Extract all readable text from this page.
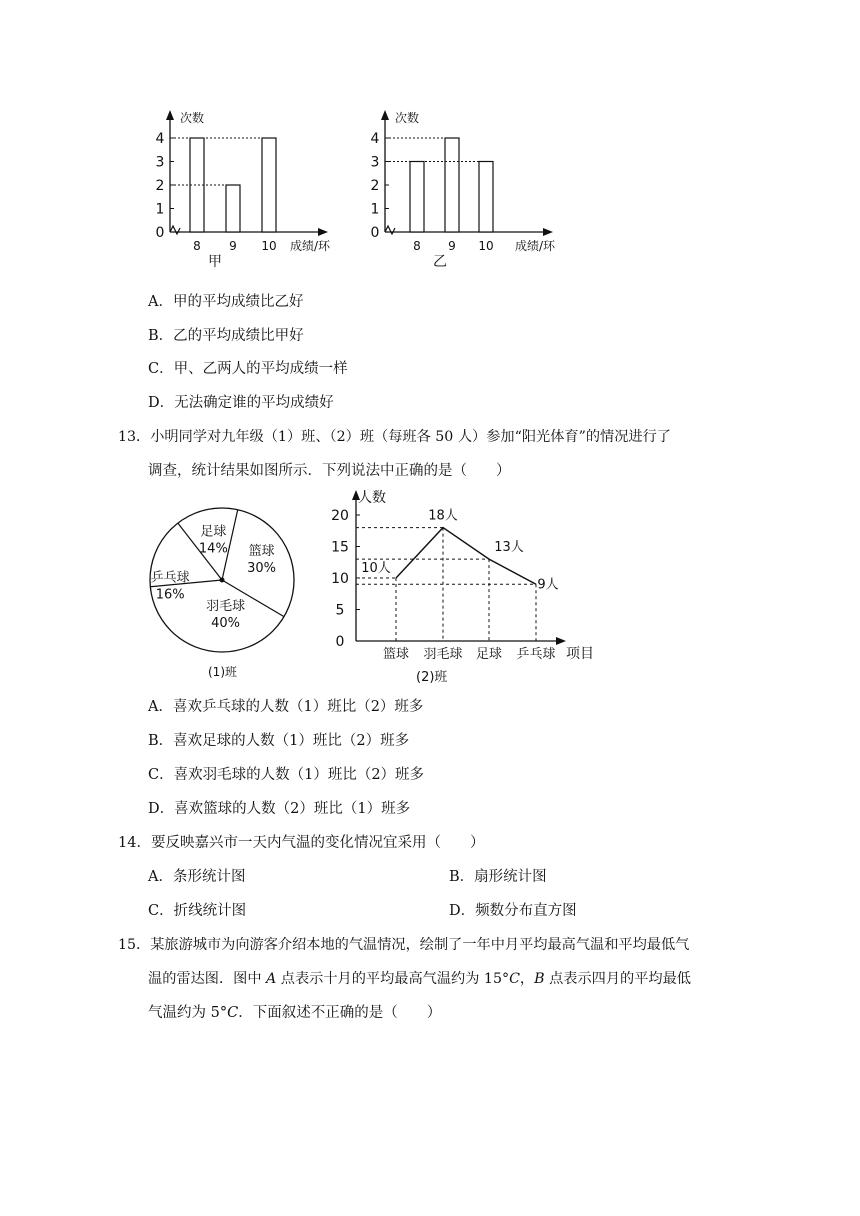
次数
0
1
2
3
4
8 9 10 成绩/环
甲
次数
0
1
2
3
4
8 9 10 成绩/环
乙
A．甲的平均成绩比乙好
B．乙的平均成绩比甲好
C．甲、乙两人的平均成绩一样
D．无法确定谁的平均成绩好
13．小明同学对九年级（1）班、（2）班（每班各 50 人）参加“阳光体育”的情况进行了
调查，统计结果如图所示．下列说法中正确的是（　　）
足球
14% 篮球
30%
羽毛球
40%
乒乓球
16%
(1)班
人数
0
5
10
15
20
篮球 羽毛球 足球 乒乓球
10人
18人
13人
9人
项目
(2)班
A．喜欢乒乓球的人数（1）班比（2）班多
B．喜欢足球的人数（1）班比（2）班多
C．喜欢羽毛球的人数（1）班比（2）班多
D．喜欢篮球的人数（2）班比（1）班多
14．要反映嘉兴市一天内气温的变化情况宜采用（　　）
A．条形统计图	B．扇形统计图
C．折线统计图	D．频数分布直方图
15．某旅游城市为向游客介绍本地的气温情况，绘制了一年中月平均最高气温和平均最低气
温的雷达图．图中 A 点表示十月的平均最高气温约为 15°C，B 点表示四月的平均最低
气温约为 5°C．下面叙述不正确的是（　　）
